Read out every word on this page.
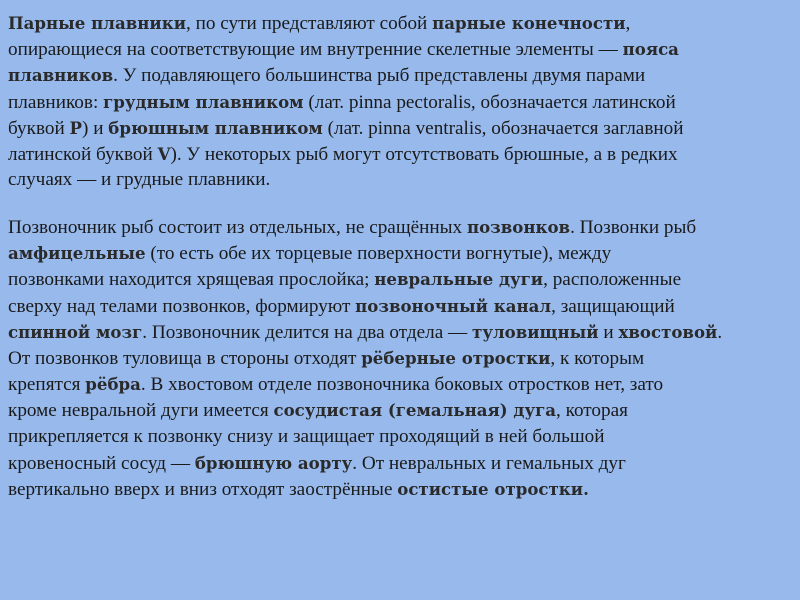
Парные плавники, по сути представляют собой парные конечности,
опирающиеся на соответствующие им внутренние скелетные элементы — пояса
плавников. У подавляющего большинства рыб представлены двумя парами
плавников: грудным плавником (лат. pinna pectoralis, обозначается латинской
буквой P) и брюшным плавником (лат. pinna ventralis, обозначается заглавной
латинской буквой V). У некоторых рыб могут отсутствовать брюшные, а в редких
случаях — и грудные плавники.

Позвоночник рыб состоит из отдельных, не сращённых позвонков. Позвонки рыб
амфицельные (то есть обе их торцевые поверхности вогнутые), между
позвонками находится хрящевая прослойка; невральные дуги, расположенные
сверху над телами позвонков, формируют позвоночный канал, защищающий
спинной мозг. Позвоночник делится на два отдела — туловищный и хвостовой.
От позвонков туловища в стороны отходят рёберные отростки, к которым
крепятся рёбра. В хвостовом отделе позвоночника боковых отростков нет, зато
кроме невральной дуги имеется сосудистая (гемальная) дуга, которая
прикрепляется к позвонку снизу и защищает проходящий в ней большой
кровеносный сосуд — брюшную аорту. От невральных и гемальных дуг
вертикально вверх и вниз отходят заострённые остистые отростки.
